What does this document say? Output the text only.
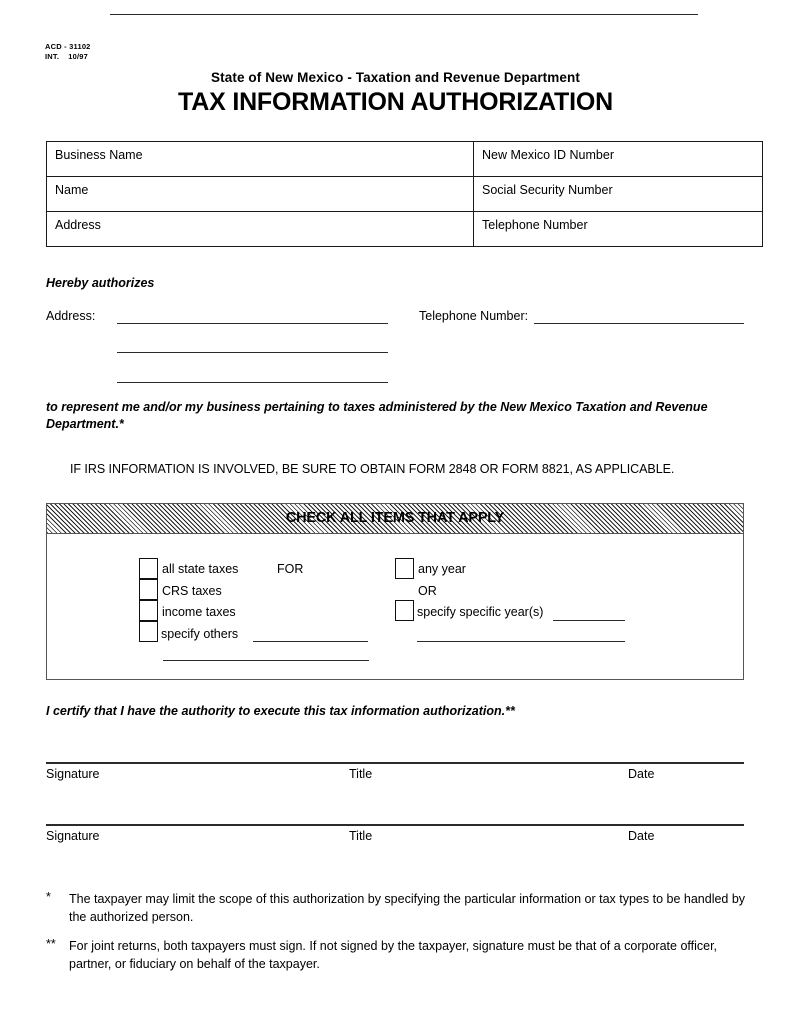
ACD - 31102
INT.    10/97
State of New Mexico - Taxation and Revenue Department
TAX INFORMATION AUTHORIZATION
Business Name	New Mexico ID Number

Name	Social Security Number

Address	Telephone Number
Hereby authorizes
Address:	Telephone Number:
to represent me and/or my business pertaining to taxes administered by the New Mexico Taxation and Revenue Department.*
IF IRS INFORMATION IS INVOLVED, BE SURE TO OBTAIN FORM 2848 OR FORM 8821, AS APPLICABLE.
CHECK ALL ITEMS THAT APPLY
all state taxes
CRS taxes
income taxes
specify others
FOR	any year
OR
specify specific year(s)
I certify that I have the authority to execute this tax information authorization.**
Signature	Title	Date
Signature	Title	Date
* The taxpayer may limit the scope of this authorization by specifying the particular information or tax types to be handled by the authorized person.
** For joint returns, both taxpayers must sign. If not signed by the taxpayer, signature must be that of a corporate officer, partner, or fiduciary on behalf of the taxpayer.
